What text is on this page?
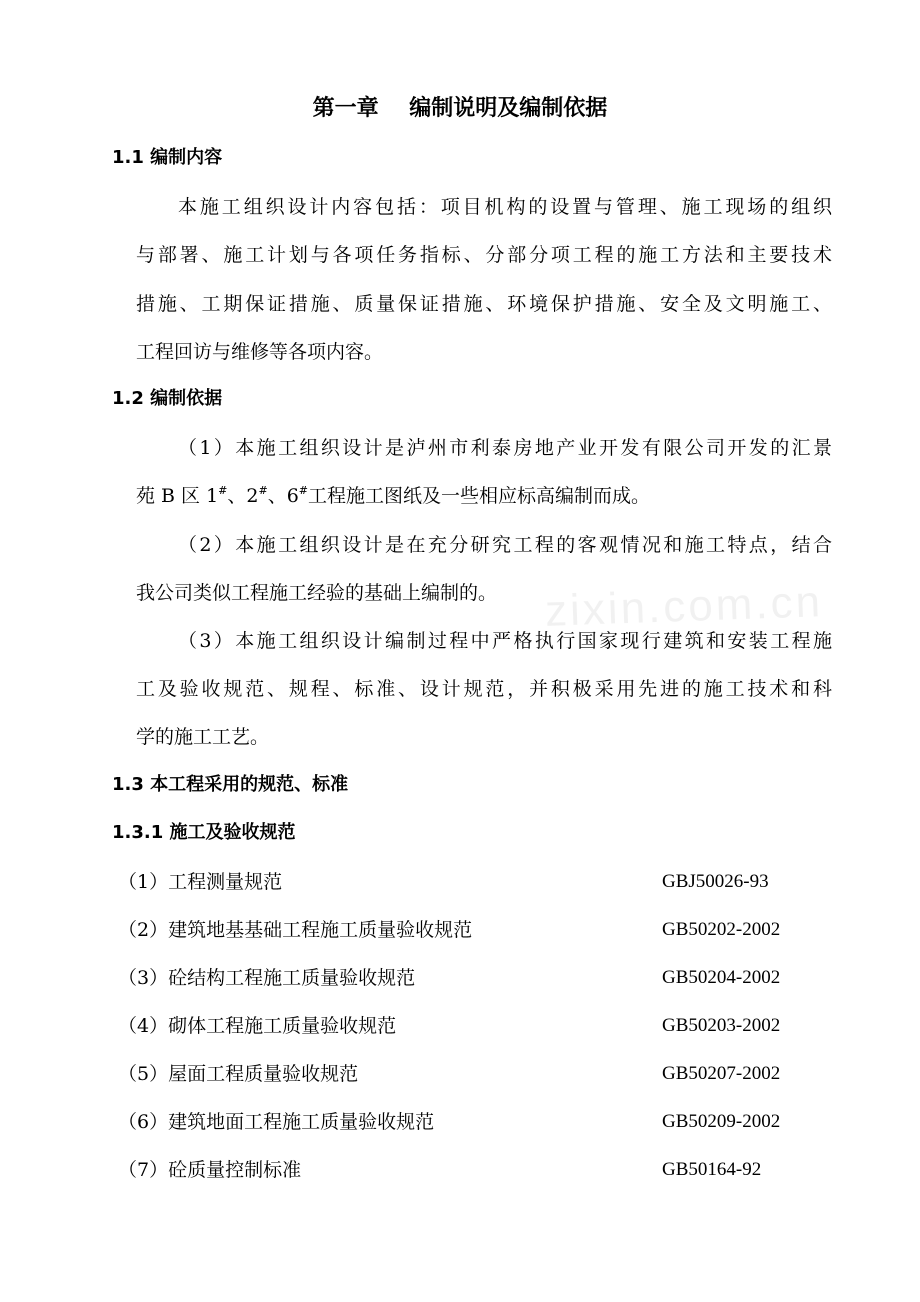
zixin.com.cn
第一章    编制说明及编制依据
1.1 编制内容
本施工组织设计内容包括：项目机构的设置与管理、施工现场的组织
与部署、施工计划与各项任务指标、分部分项工程的施工方法和主要技术
措施、工期保证措施、质量保证措施、环境保护措施、安全及文明施工、
工程回访与维修等各项内容。
1.2 编制依据
（1）本施工组织设计是泸州市利泰房地产业开发有限公司开发的汇景
苑 B 区 1#、2#、6#工程施工图纸及一些相应标高编制而成。
（2）本施工组织设计是在充分研究工程的客观情况和施工特点，结合
我公司类似工程施工经验的基础上编制的。
（3）本施工组织设计编制过程中严格执行国家现行建筑和安装工程施
工及验收规范、规程、标准、设计规范，并积极采用先进的施工技术和科
学的施工工艺。
1.3 本工程采用的规范、标准
1.3.1 施工及验收规范
（1）工程测量规范	GBJ50026-93
（2）建筑地基基础工程施工质量验收规范	GB50202-2002
（3）砼结构工程施工质量验收规范	GB50204-2002
（4）砌体工程施工质量验收规范	GB50203-2002
（5）屋面工程质量验收规范	GB50207-2002
（6）建筑地面工程施工质量验收规范	GB50209-2002
（7）砼质量控制标准	GB50164-92
